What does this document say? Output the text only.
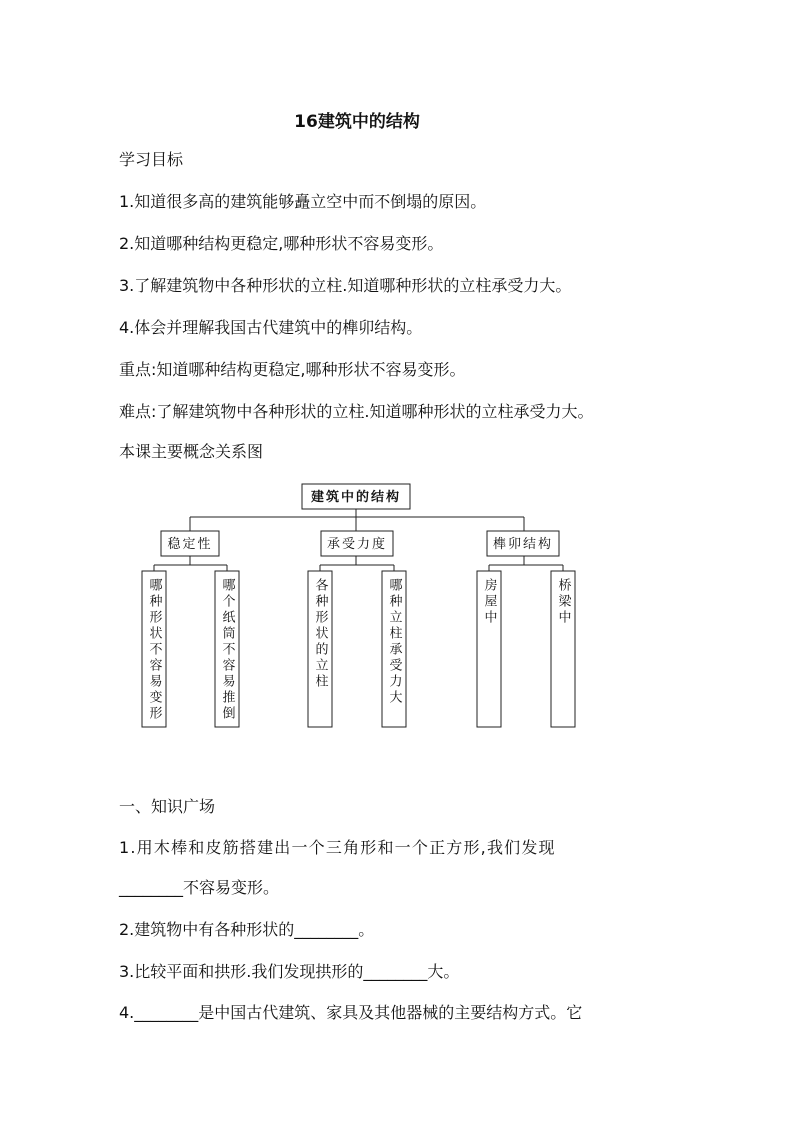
16建筑中的结构
学习目标
1.知道很多高的建筑能够矗立空中而不倒塌的原因。
2.知道哪种结构更稳定,哪种形状不容易变形。
3.了解建筑物中各种形状的立柱.知道哪种形状的立柱承受力大。
4.体会并理解我国古代建筑中的榫卯结构。
重点:知道哪种结构更稳定,哪种形状不容易变形。
难点:了解建筑物中各种形状的立柱.知道哪种形状的立柱承受力大。
本课主要概念关系图
建筑中的结构
稳定性	承受力度	榫卯结构
哪种形状不容易变形	哪个纸筒不容易推倒	各种形状的立柱	哪种立柱承受力大	房屋中	桥梁中
一、知识广场
1.用木棒和皮筋搭建出一个三角形和一个正方形,我们发现
________不容易变形。
2.建筑物中有各种形状的________。
3.比较平面和拱形.我们发现拱形的________大。
4.________是中国古代建筑、家具及其他器械的主要结构方式。它
